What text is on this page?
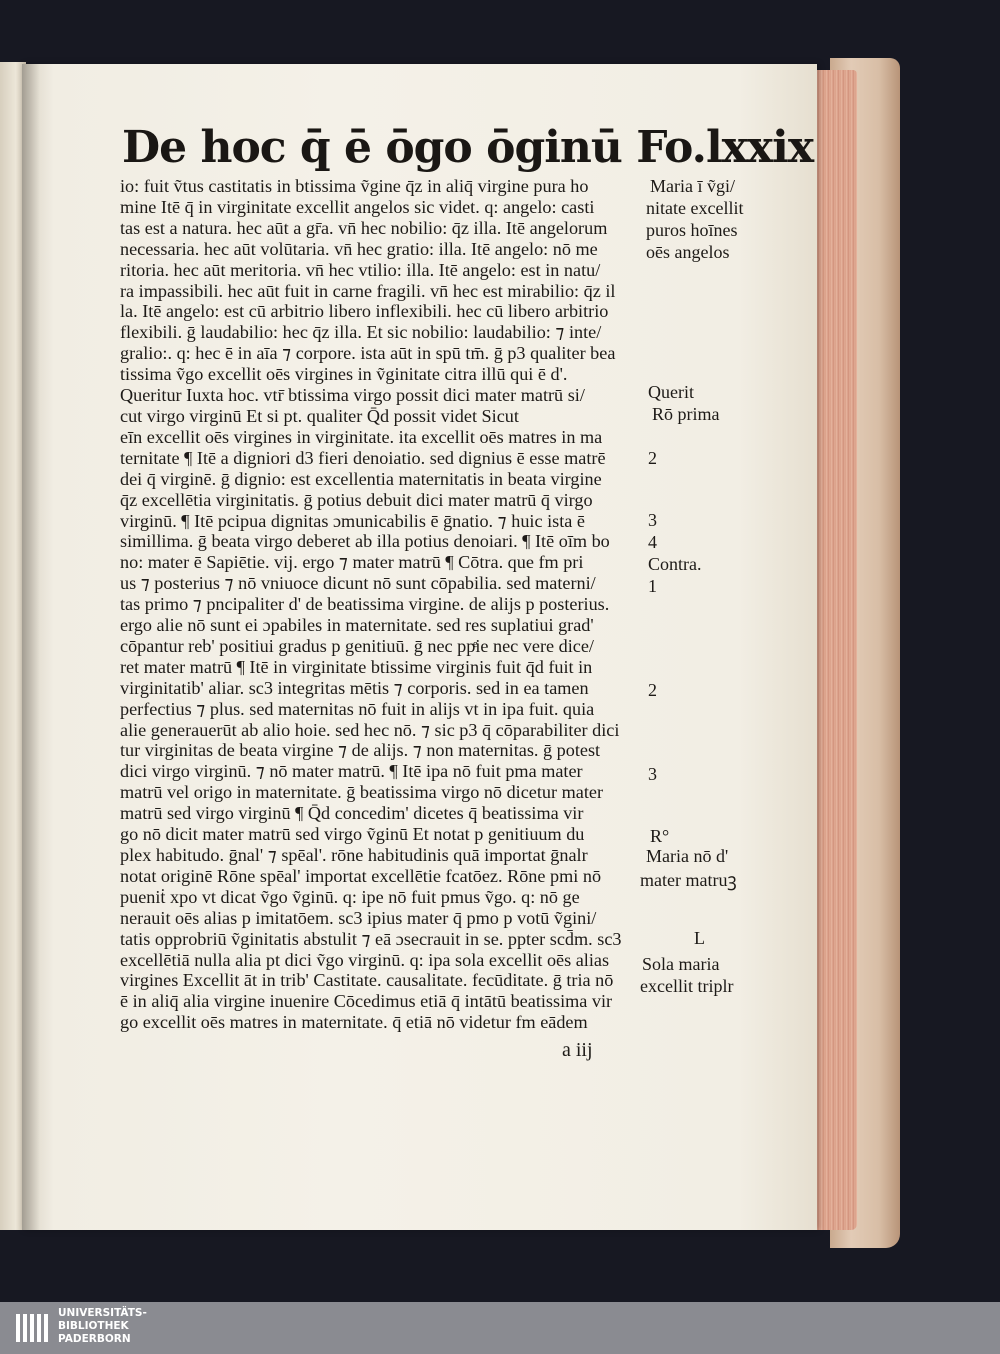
De hoc q̄ ē ōgo ōginū Fo.lxxix
io: fuit ṽtus castitatis in btissima ṽgine q̄z in aliq̄ virgine pura ho
mine Itē q̄ in virginitate excellit angelos sic videt. q: angelo: casti
tas est a natura. hec aūt a gr̄a. vn̄ hec nobilio: q̄z illa. Itē angelorum
necessaria. hec aūt volūtaria. vn̄ hec gratio: illa. Itē angelo: nō me
ritoria. hec aūt meritoria. vn̄ hec vtilio: illa. Itē angelo: est in natu/
ra impassibili. hec aūt fuit in carne fragili. vn̄ hec est mirabilio: q̄z il
la. Itē angelo: est cū arbitrio libero inflexibili. hec cū libero arbitrio
flexibili. ḡ laudabilio: hec q̄z illa. Et sic nobilio: laudabilio: ⁊ inte/
gralio:. q: hec ē in aīa ⁊ corpore. ista aūt in spū tm̄. ḡ p3 qualiter bea
tissima ṽgo excellit oēs virgines in ṽginitate citra illū qui ē d'.
Queritur Iuxta hoc. vtr̄ btissima virgo possit dici mater matrū si/
cut virgo virginū Et si pt. qualiter Q̄d possit videt Sicut
eīn excellit oēs virgines in virginitate. ita excellit oēs matres in ma
ternitate ¶ Itē a digniori d3 fieri denoiatio. sed dignius ē esse matrē
dei q̄ virginē. ḡ dignio: est excellentia maternitatis in beata virgine
q̄z excellētia virginitatis. ḡ potius debuit dici mater matrū q̄ virgo
virginū. ¶ Itē pcipua dignitas ɔmunicabilis ē ḡnatio. ⁊ huic ista ē
simillima. ḡ beata virgo deberet ab illa potius denoiari. ¶ Itē oīm bo
no: mater ē Sapiētie. vij. ergo ⁊ mater matrū ¶ Cōtra. que fm pri
us ⁊ posterius ⁊ nō vniuoce dicunt nō sunt cōpabilia. sed materni/
tas primo ⁊ pncipaliter d' de beatissima virgine. de alijs p posterius.
ergo alie nō sunt ei ɔpabiles in maternitate. sed res suplatiui grad'
cōpantur reb' positiui gradus p genitiuū. ḡ nec ppͤie nec vere dice/
ret mater matrū ¶ Itē in virginitate btissime virginis fuit q̄d fuit in
virginitatib' aliar. sc3 integritas mētis ⁊ corporis. sed in ea tamen
perfectius ⁊ plus. sed maternitas nō fuit in alijs vt in ipa fuit. quia
alie generauerūt ab alio hoie. sed hec nō. ⁊ sic p3 q̄ cōparabiliter dici
tur virginitas de beata virgine ⁊ de alijs. ⁊ non maternitas. ḡ potest
dici virgo virginū. ⁊ nō mater matrū. ¶ Itē ipa nō fuit pma mater
matrū vel origo in maternitate. ḡ beatissima virgo nō dicetur mater
matrū sed virgo virginū ¶ Q̄d concedim' dicetes q̄ beatissima vir
go nō dicit mater matrū sed virgo ṽginū Et notat p genitiuum du
plex habitudo. ḡnal' ⁊ spēal'. rōne habitudinis quā importat ḡnalr
notat originē Rōne spēal' importat excellētie fcatōez. Rōne pmi nō
pueniṫ xpo vt dicat ṽgo ṽginū. q: ipe nō fuit pmus ṽgo. q: nō ge
nerauit oēs alias p imitatōem. sc3 ipius mater q̄ pmo p votū ṽgini/
tatis opprobriū ṽginitatis abstulit ⁊ eā ɔsecrauit in se. ppter scd̄m. sc3
excellētiā nulla alia pt dici ṽgo virginū. q: ipa sola excellit oēs alias
virgines Excellit āt in trib' Castitate. causalitate. fecūditate. ḡ tria nō
ē in aliq̄ alia virgine inuenire Cōcedimus etiā q̄ intātū beatissima vir
go excellit oēs matres in maternitate. q̄ etiā nō videtur fm eādem
Maria ī ṽgi/
nitate excellit
puros hoīnes
oēs angelos
Querit
Rō prima
2
3
4
Contra.
1
2
3
R°
Maria nō d'
mater matruꝫ
L
Sola maria
excellit triplr
a iij
UNIVERSITÄTS-
BIBLIOTHEK
PADERBORN
